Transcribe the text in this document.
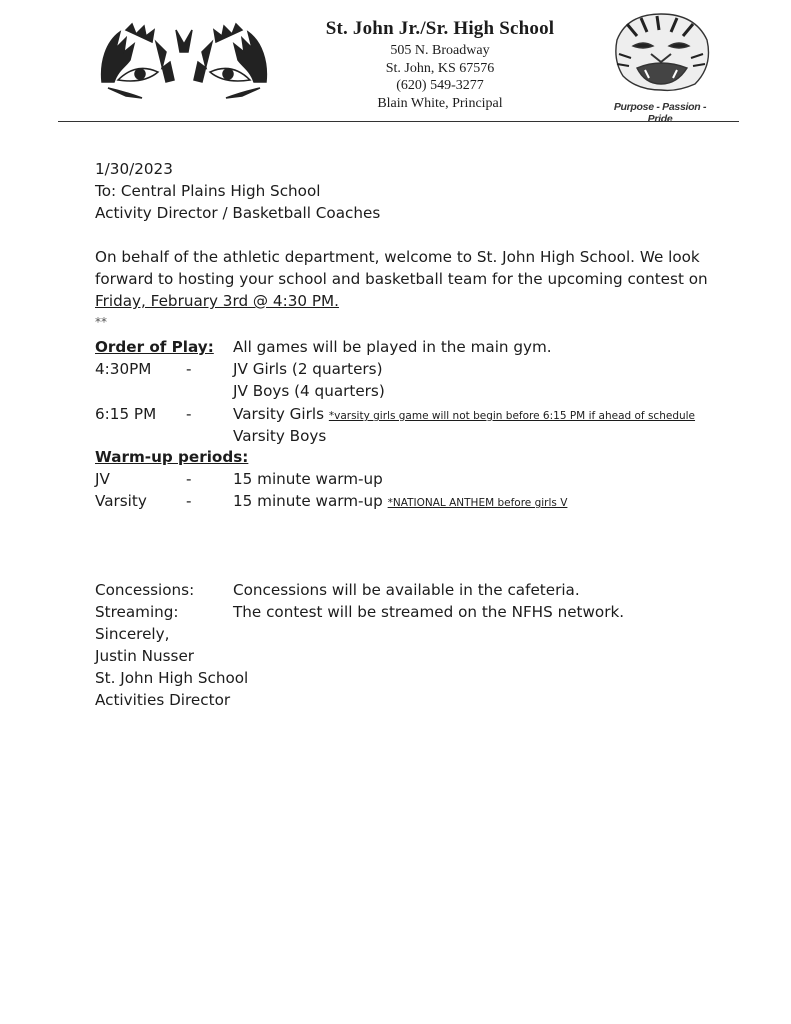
St. John Jr./Sr. High School
505 N. Broadway
St. John, KS 67576
(620) 549-3277
Blain White, Principal	Purpose - Passion - Pride
1/30/2023
To: Central Plains High School
Activity Director / Basketball Coaches
On behalf of the athletic department, welcome to St. John High School. We look
forward to hosting your school and basketball team for the upcoming contest on
Friday, February 3rd @ 4:30 PM.
**
Order of Play: All games will be played in the main gym.
4:30PM -	JV Girls (2 quarters)
JV Boys (4 quarters)
6:15 PM -	Varsity Girls *varsity girls game will not begin before 6:15 PM if ahead of schedule
Varsity Boys
Warm-up periods:
JV	-	15 minute warm-up
Varsity	-	15 minute warm-up *NATIONAL ANTHEM before girls V
Concessions:	Concessions will be available in the cafeteria.
Streaming:	The contest will be streamed on the NFHS network.
Sincerely,
Justin Nusser
St. John High School
Activities Director
